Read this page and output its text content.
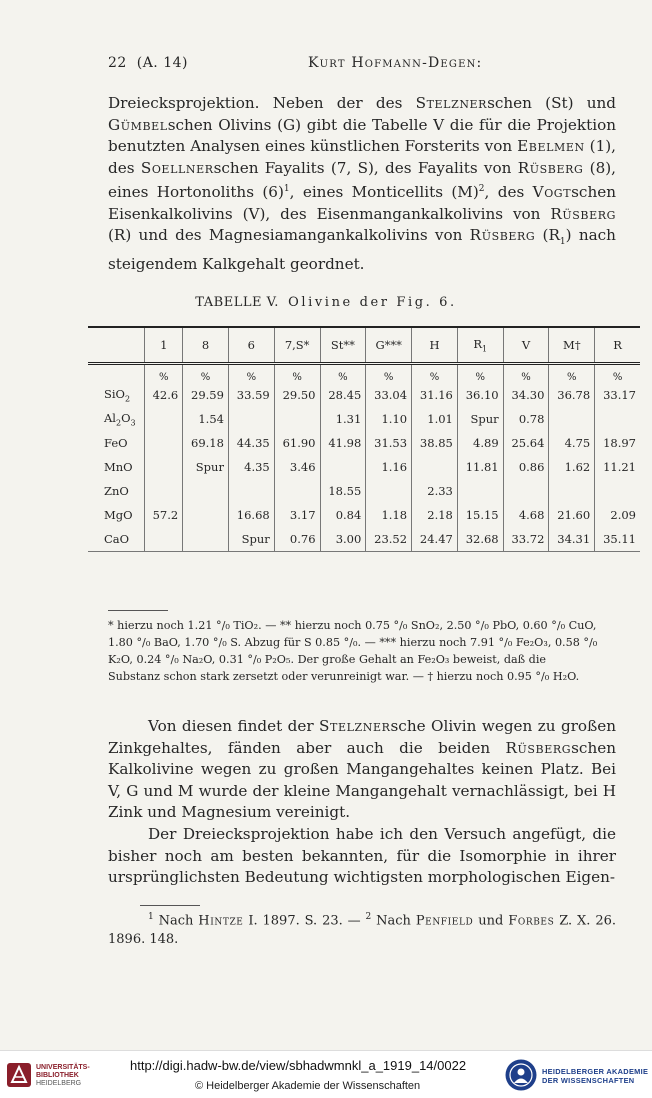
22 (A. 14)	Kurt Hofmann-Degen:
Dreiecksprojektion. Neben der des Stelznerschen (St) und Gümbelschen Olivins (G) gibt die Tabelle V die für die Projektion benutzten Analysen eines künstlichen Forsterits von Ebelmen (1), des Soellnerschen Fayalits (7, S), des Fayalits von Rüsberg (8), eines Hortonoliths $(6)^1$, eines Monticellits $(M)^2$, des Vogtschen Eisenkalkolivins (V), des Eisenmangankalkolivins von Rüsberg (R) und des Magnesiamangankalkolivins von Rüsberg $(R_1)$ nach steigendem Kalkgehalt geordnet.
TABELLE V. Olivine der Fig. 6.
	1	8	6	7,S*	St**	G***	H	$R_1$	V	M†	R
	%	%	%	%	%	%	%	%	%	%	%
SiO$_2$	42.6	29.59	33.59	29.50	28.45	33.04	31.16	36.10	34.30	36.78	33.17
$Al_2O_3$		1.54			1.31	1.10	1.01	Spur	0.78		
FeO		69.18	44.35	61.90	41.98	31.53	38.85	4.89	25.64	4.75	18.97
MnO		Spur	4.35	3.46		1.16		11.81	0.86	1.62	11.21
ZnO					18.55		2.33				
MgO	57.2		16.68	3.17	0.84	1.18	2.18	15.15	4.68	21.60	2.09
CaO			Spur	0.76	3.00	23.52	24.47	32.68	33.72	34.31	35.11
* hierzu noch 1.21 °/₀ TiO₂. — ** hierzu noch 0.75 °/₀ SnO₂, 2.50 °/₀ PbO, 0.60 °/₀ CuO,
1.80 °/₀ BaO, 1.70 °/₀ S. Abzug für S 0.85 °/₀. — *** hierzu noch 7.91 °/₀ Fe₂O₃, 0.58 °/₀
K₂O, 0.24 °/₀ Na₂O, 0.31 °/₀ P₂O₅. Der große Gehalt an Fe₂O₃ beweist, daß die
Substanz schon stark zersetzt oder verunreinigt war. — † hierzu noch 0.95 °/₀ H₂O.
Von diesen findet der Stelznersche Olivin wegen zu großen Zinkgehaltes, fänden aber auch die beiden Rüsbergschen Kalkolivine wegen zu großen Mangangehaltes keinen Platz. Bei V, G und M wurde der kleine Mangangehalt vernachlässigt, bei H Zink und Magnesium vereinigt.
Der Dreiecksprojektion habe ich den Versuch angefügt, die bisher noch am besten bekannten, für die Isomorphie in ihrer ursprünglichsten Bedeutung wichtigsten morphologischen Eigen-
$^1$ Nach Hintze I. 1897. S. 23. — $^2$ Nach Penfield und Forbes Z. X. 26. 1896. 148.
UNIVERSITÄTS-
BIBLIOTHEK
HEIDELBERG
http://digi.hadw-bw.de/view/sbhadwmnkl_a_1919_14/0022
© Heidelberger Akademie der Wissenschaften
HEIDELBERGER AKADEMIE
DER WISSENSCHAFTEN
